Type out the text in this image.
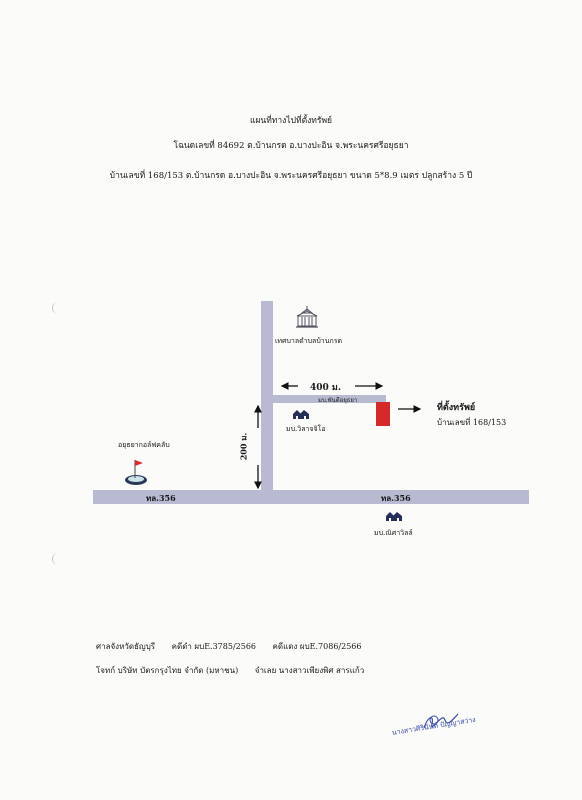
แผนที่ทางไปที่ตั้งทรัพย์
โฉนดเลขที่ 84692 ต.บ้านกรด อ.บางปะอิน จ.พระนครศรีอยุธยา
บ้านเลขที่ 168/153 ต.บ้านกรด อ.บางปะอิน จ.พระนครศรีอยุธยา ขนาด 5*8.9 เมตร ปลูกสร้าง 5 ปี
ทล.356	ทล.356
มบ.พันดีอยุธยา
400 ม.
200 ม.
เทศบาลตำบลบ้านกรด
มบ.วิลาจจิโอ
มบ.ณิศาวิลล์
อยุธยากอล์ฟคลับ
ที่ตั้งทรัพย์
บ้านเลขที่ 168/153
ศาลจังหวัดธัญบุรี คดีดำ ผบE.3785/2566 คดีแดง ผบE.7086/2566
โจทก์ บริษัท บัตรกรุงไทย จำกัด (มหาชน) จำเลย นางสาวเพียงพิศ สารแก้ว
นางสาวศิรินันท์ ปัญญาสว่าง
